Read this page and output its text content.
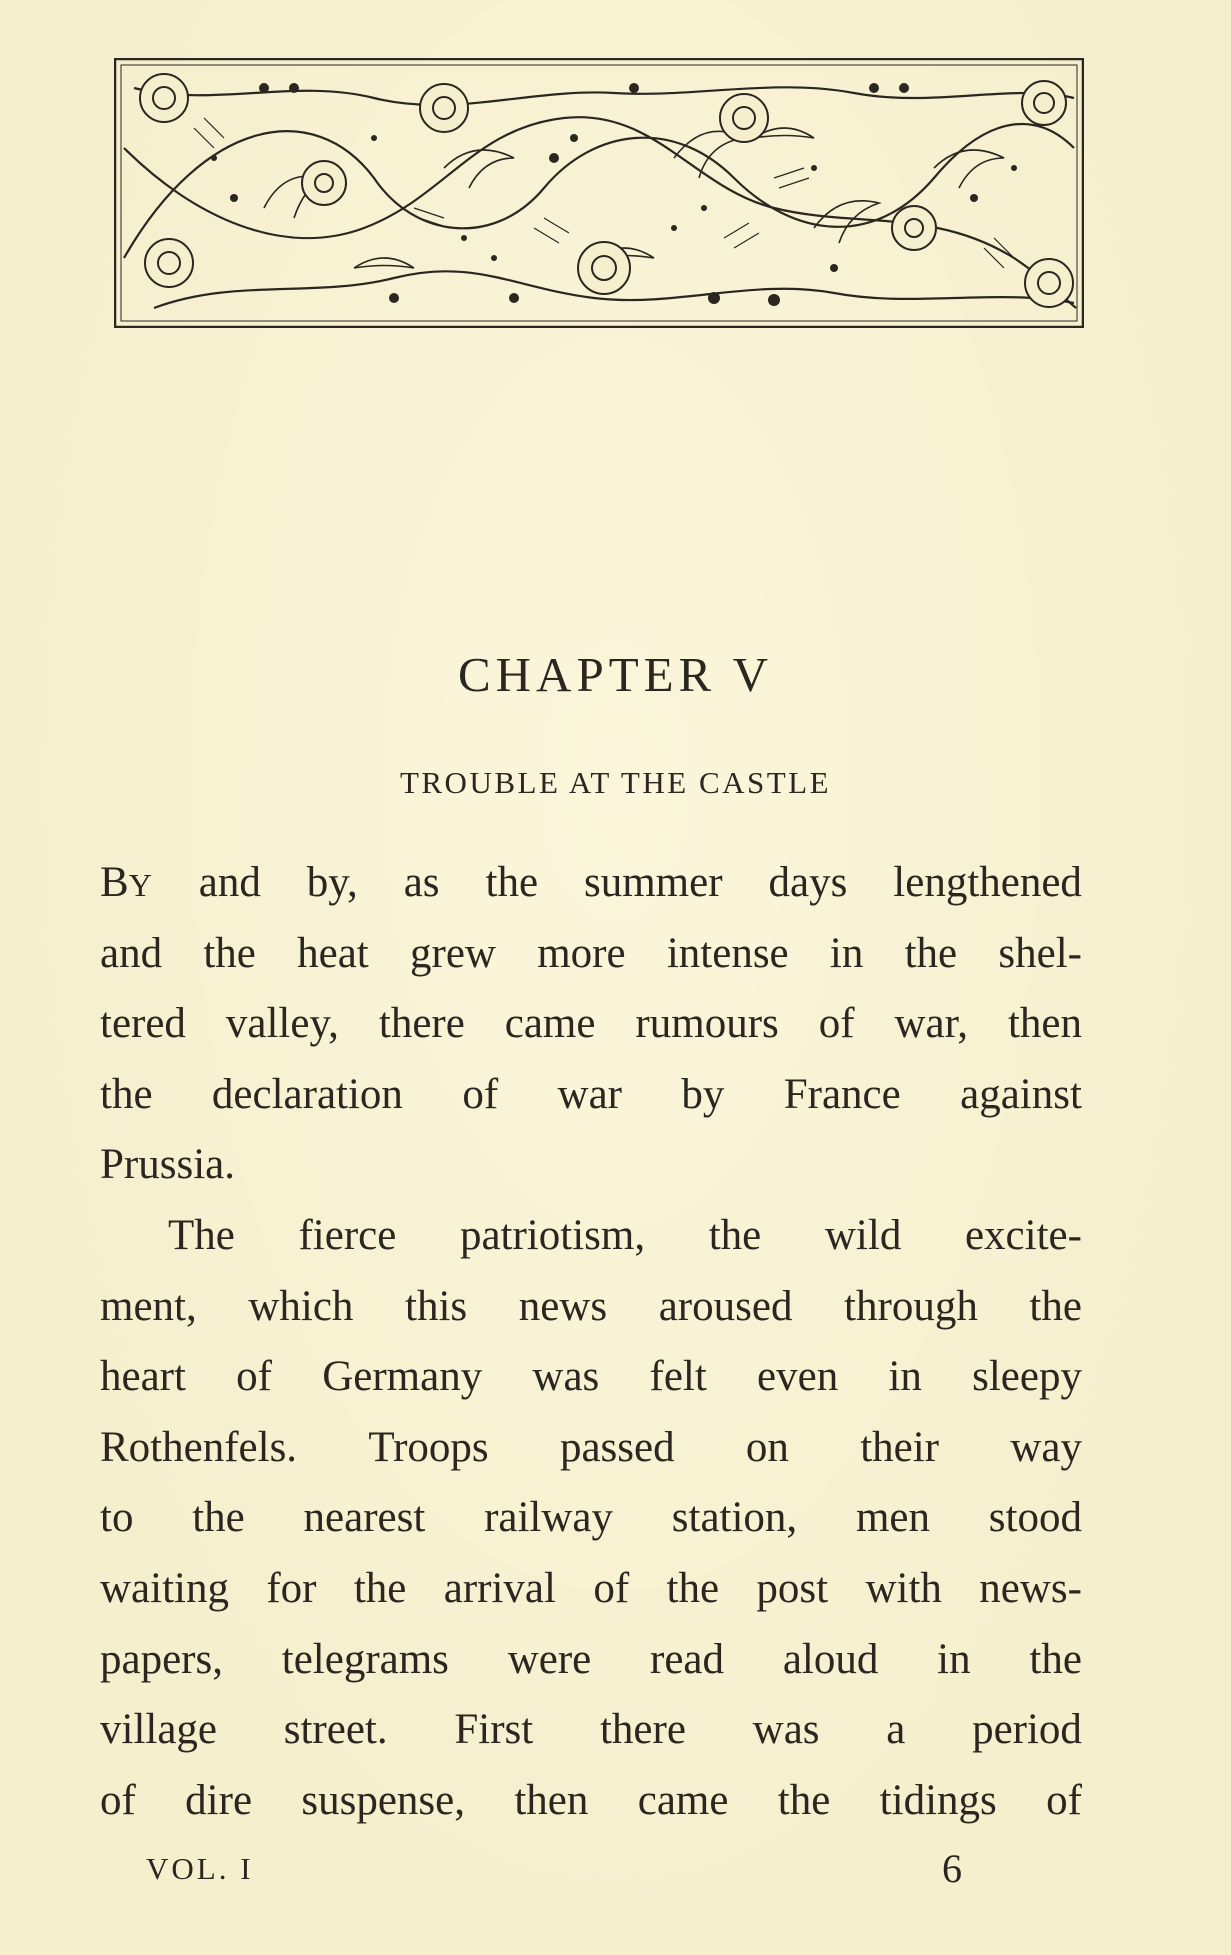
CHAPTER V
TROUBLE AT THE CASTLE
BY and by, as the summer days lengthened
and the heat grew more intense in the shel-
tered valley, there came rumours of war, then
the declaration of war by France against
Prussia.
The fierce patriotism, the wild excite-
ment, which this news aroused through the
heart of Germany was felt even in sleepy
Rothenfels. Troops passed on their way
to the nearest railway station, men stood
waiting for the arrival of the post with news-
papers, telegrams were read aloud in the
village street. First there was a period
of dire suspense, then came the tidings of
VOL. I	6
